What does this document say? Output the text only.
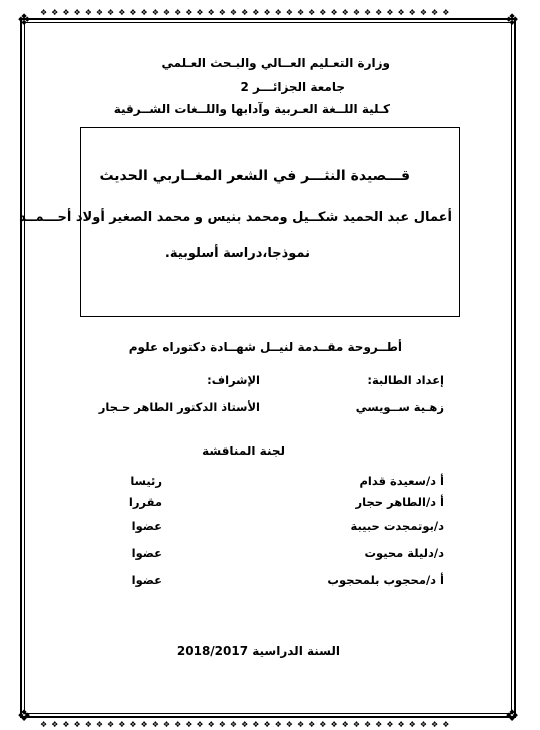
❖	❖
❖	❖
❖❖❖❖❖❖❖❖❖❖❖❖❖❖❖❖❖❖❖❖❖❖❖❖❖❖❖❖❖❖❖❖❖❖❖❖❖
❖❖❖❖❖❖❖❖❖❖❖❖❖❖❖❖❖❖❖❖❖❖❖❖❖❖❖❖❖❖❖❖❖❖❖❖❖
وزارة التعـليم العــالي والبـحث العـلمي
جامعة الجزائـــر 2
كـلية اللــغة العـربية وآدابها واللــغات الشــرقية
قـــصيدة النثـــر في الشعر المغــاربي الحديث
أعمال عبد الحميد شكــيل ومحمد بنيس و محمد الصغير أولاد أحـــمــد
نموذجا،دراسة أسلوبية.
أطــروحة مقــدمة لنيــل شهــادة دكتوراه علوم
إعداد الطالبة:
الإشراف:
زهـية ســويسي
الأستاذ الدكتور الطاهر حـجار
لجنة المناقشة
أ د/سعيدة قدام
رئيسا
أ د/الطاهر حجار
مقررا
د/بوتمجدت حبيبة
عضوا
د/دليلة محيوت
عضوا
أ د/محجوب بلمحجوب
عضوا
السنة الدراسية 2018/2017
